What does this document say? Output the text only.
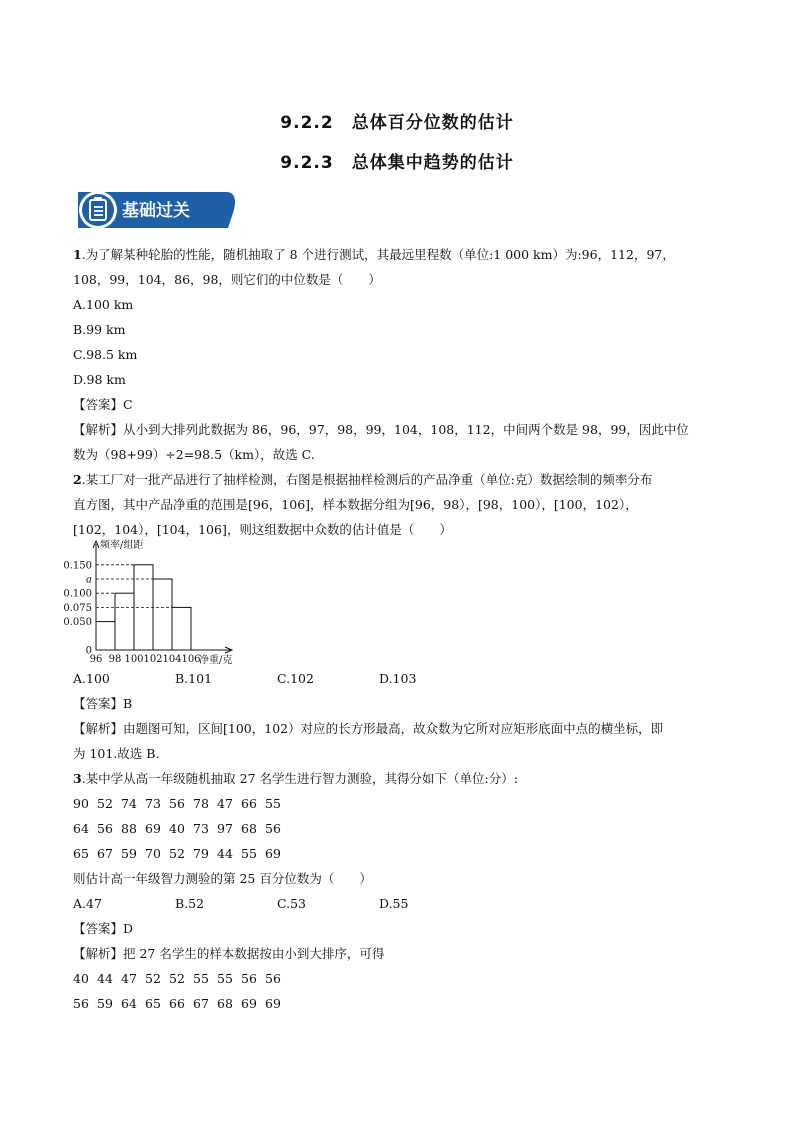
9.2.2　总体百分位数的估计
9.2.3　总体集中趋势的估计
基础过关
1.为了解某种轮胎的性能，随机抽取了 8 个进行测试，其最远里程数（单位:1 000 km）为:96，112，97，
108，99，104，86，98，则它们的中位数是（　　）
A.100 km
B.99 km
C.98.5 km
D.98 km
【答案】C
【解析】从小到大排列此数据为 86，96，97，98，99，104，108，112，中间两个数是 98，99，因此中位
数为（98+99）÷2=98.5（km），故选 C.
2.某工厂对一批产品进行了抽样检测，右图是根据抽样检测后的产品净重（单位:克）数据绘制的频率分布
直方图，其中产品净重的范围是[96，106]，样本数据分组为[96，98），[98，100），[100，102），
[102，104），[104，106]，则这组数据中众数的估计值是（　　）
0
0.050
0.075
0.100
a
0.150
96 98 100 102 104 106
频率/组距
净重/克
A.100	B.101	C.102	D.103
【答案】B
【解析】由题图可知，区间[100，102）对应的长方形最高，故众数为它所对应矩形底面中点的横坐标，即
为 101.故选 B.
3.某中学从高一年级随机抽取 27 名学生进行智力测验，其得分如下（单位:分）:
90 52 74 73 56 78 47 66 55
64 56 88 69 40 73 97 68 56
65 67 59 70 52 79 44 55 69
则估计高一年级智力测验的第 25 百分位数为（　　）
A.47	B.52	C.53	D.55
【答案】D
【解析】把 27 名学生的样本数据按由小到大排序，可得
40 44 47 52 52 55 55 56 56
56 59 64 65 66 67 68 69 69
